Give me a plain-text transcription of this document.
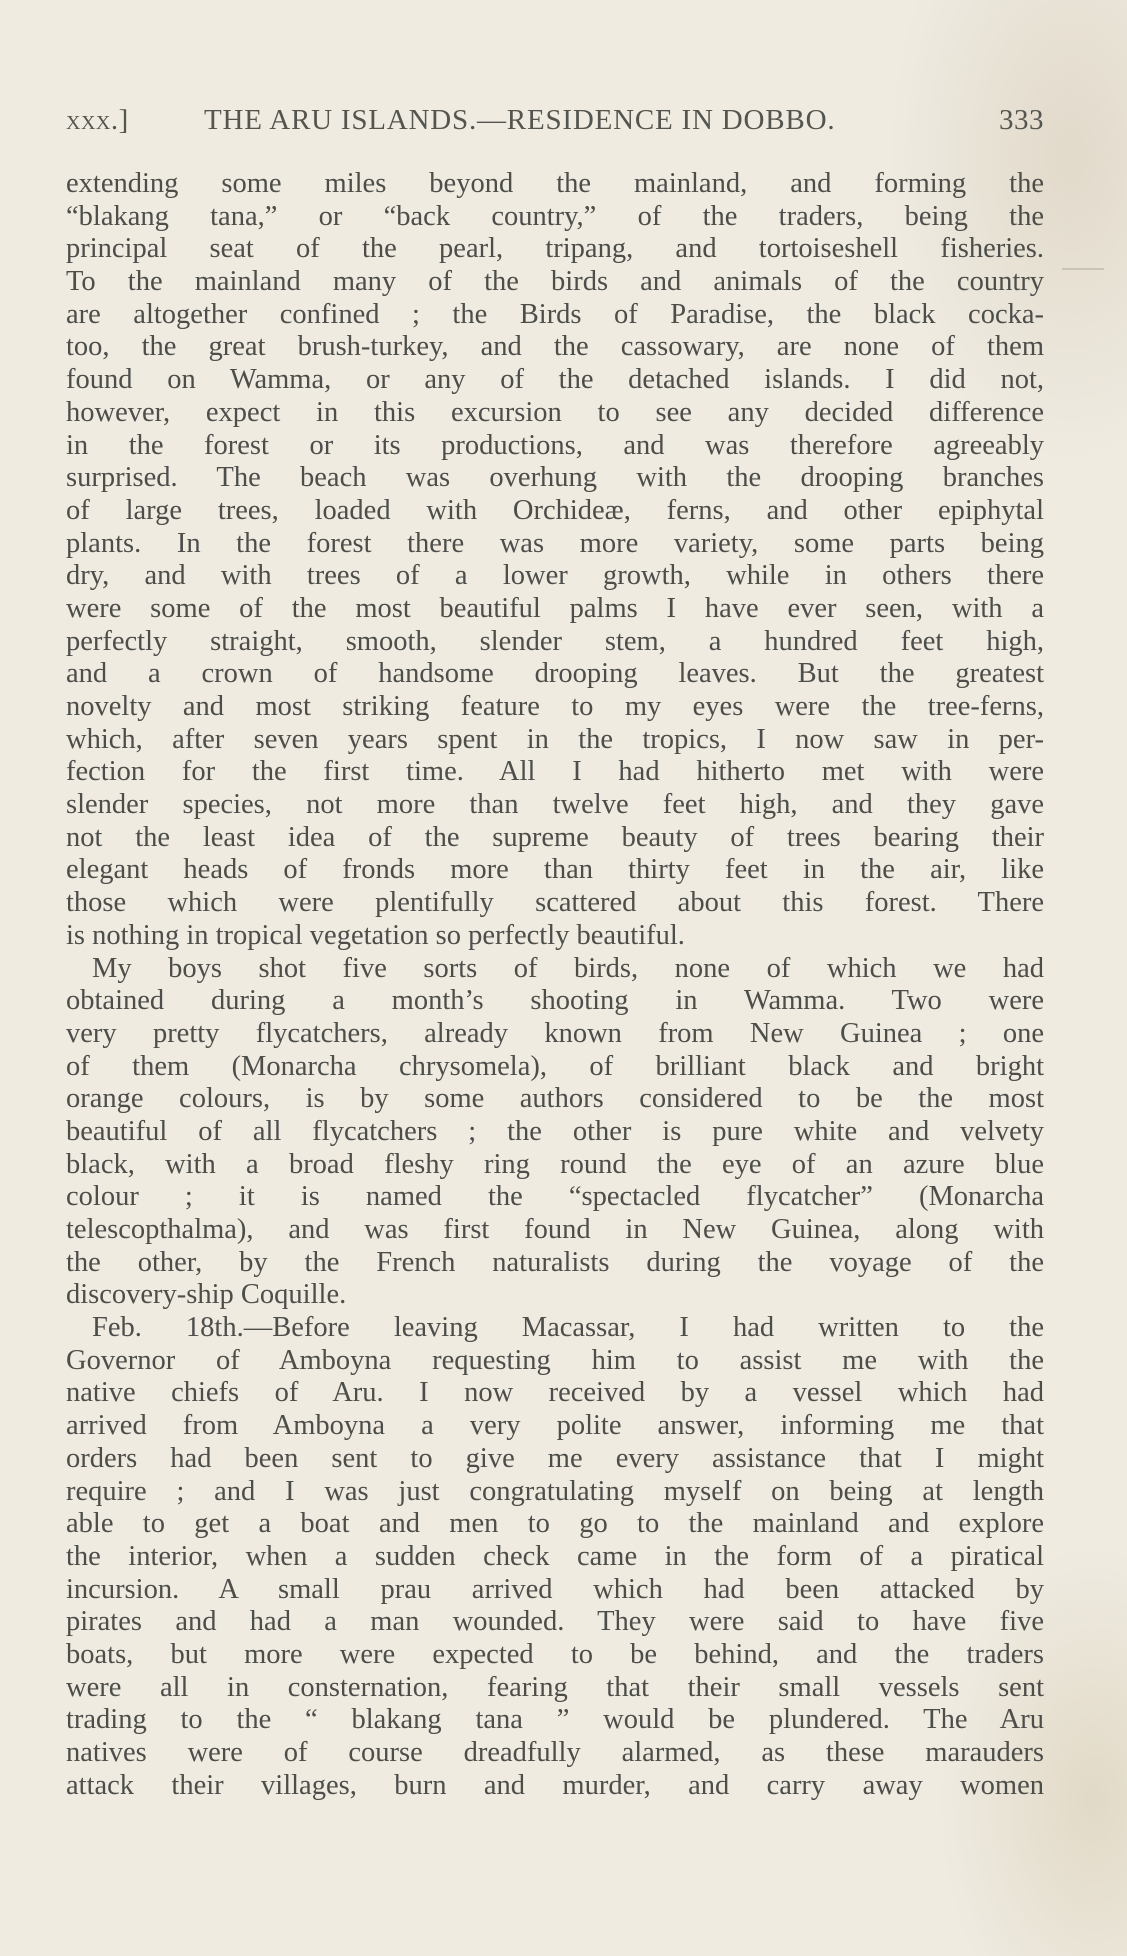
xxx.]	THE ARU ISLANDS.—RESIDENCE IN DOBBO.	333
extending some miles beyond the mainland, and forming the
“blakang tana,” or “back country,” of the traders, being the
principal seat of the pearl, tripang, and tortoiseshell fisheries.
To the mainland many of the birds and animals of the country
are altogether confined ; the Birds of Paradise, the black cocka-
too, the great brush-turkey, and the cassowary, are none of them
found on Wamma, or any of the detached islands. I did not,
however, expect in this excursion to see any decided difference
in the forest or its productions, and was therefore agreeably
surprised. The beach was overhung with the drooping branches
of large trees, loaded with Orchideæ, ferns, and other epiphytal
plants. In the forest there was more variety, some parts being
dry, and with trees of a lower growth, while in others there
were some of the most beautiful palms I have ever seen, with a
perfectly straight, smooth, slender stem, a hundred feet high,
and a crown of handsome drooping leaves. But the greatest
novelty and most striking feature to my eyes were the tree-ferns,
which, after seven years spent in the tropics, I now saw in per-
fection for the first time. All I had hitherto met with were
slender species, not more than twelve feet high, and they gave
not the least idea of the supreme beauty of trees bearing their
elegant heads of fronds more than thirty feet in the air, like
those which were plentifully scattered about this forest. There
is nothing in tropical vegetation so perfectly beautiful.
My boys shot five sorts of birds, none of which we had
obtained during a month’s shooting in Wamma. Two were
very pretty flycatchers, already known from New Guinea ; one
of them (Monarcha chrysomela), of brilliant black and bright
orange colours, is by some authors considered to be the most
beautiful of all flycatchers ; the other is pure white and velvety
black, with a broad fleshy ring round the eye of an azure blue
colour ; it is named the “spectacled flycatcher” (Monarcha
telescopthalma), and was first found in New Guinea, along with
the other, by the French naturalists during the voyage of the
discovery-ship Coquille.
Feb. 18th.—Before leaving Macassar, I had written to the
Governor of Amboyna requesting him to assist me with the
native chiefs of Aru. I now received by a vessel which had
arrived from Amboyna a very polite answer, informing me that
orders had been sent to give me every assistance that I might
require ; and I was just congratulating myself on being at length
able to get a boat and men to go to the mainland and explore
the interior, when a sudden check came in the form of a piratical
incursion. A small prau arrived which had been attacked by
pirates and had a man wounded. They were said to have five
boats, but more were expected to be behind, and the traders
were all in consternation, fearing that their small vessels sent
trading to the “ blakang tana ” would be plundered. The Aru
natives were of course dreadfully alarmed, as these marauders
attack their villages, burn and murder, and carry away women
